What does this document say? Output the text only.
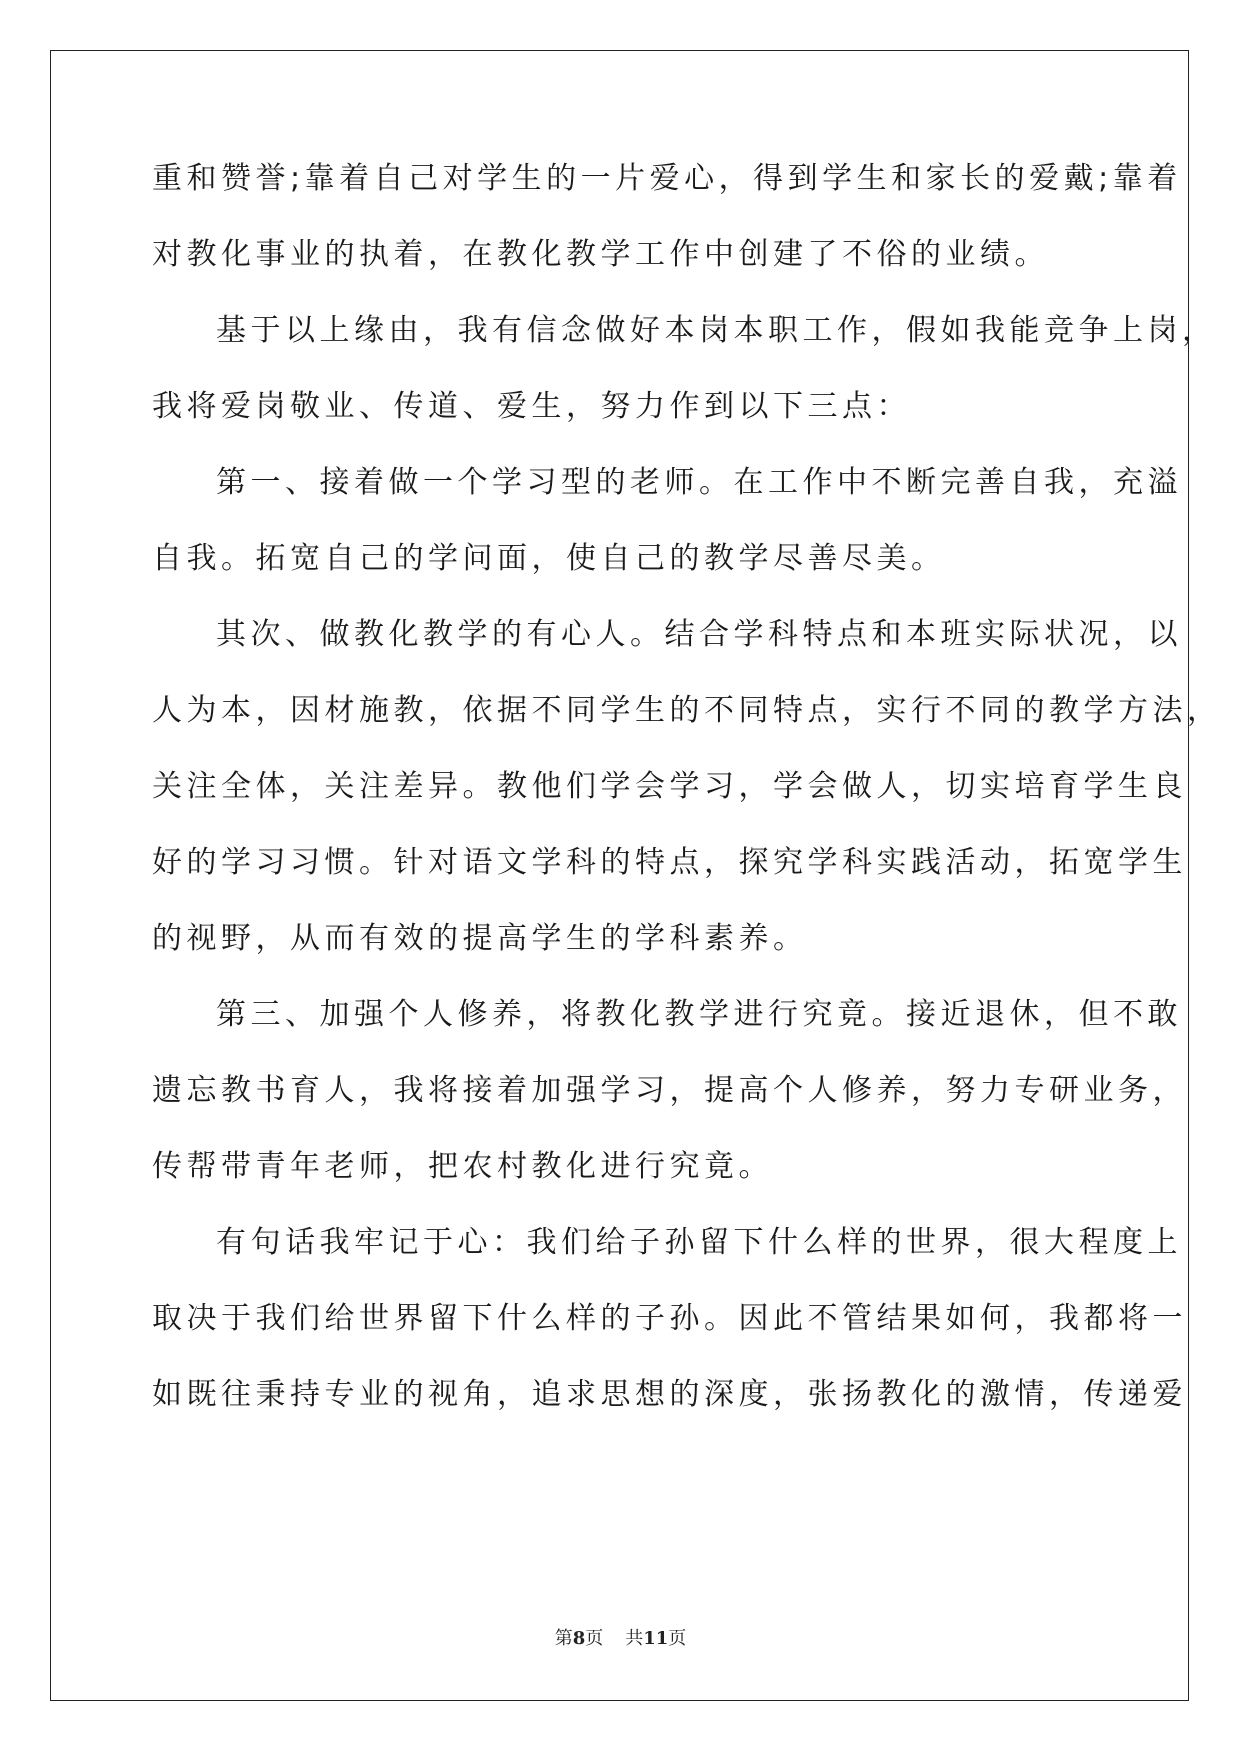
重和赞誉;靠着自己对学生的一片爱心，得到学生和家长的爱戴;靠着

对教化事业的执着，在教化教学工作中创建了不俗的业绩。

基于以上缘由，我有信念做好本岗本职工作，假如我能竞争上岗，

我将爱岗敬业、传道、爱生，努力作到以下三点：

第一、接着做一个学习型的老师。在工作中不断完善自我，充溢

自我。拓宽自己的学问面，使自己的教学尽善尽美。

其次、做教化教学的有心人。结合学科特点和本班实际状况，以

人为本，因材施教，依据不同学生的不同特点，实行不同的教学方法，

关注全体，关注差异。教他们学会学习，学会做人，切实培育学生良

好的学习习惯。针对语文学科的特点，探究学科实践活动，拓宽学生

的视野，从而有效的提高学生的学科素养。

第三、加强个人修养，将教化教学进行究竟。接近退休，但不敢

遗忘教书育人，我将接着加强学习，提高个人修养，努力专研业务，

传帮带青年老师，把农村教化进行究竟。

有句话我牢记于心：我们给子孙留下什么样的世界，很大程度上

取决于我们给世界留下什么样的子孙。因此不管结果如何，我都将一

如既往秉持专业的视角，追求思想的深度，张扬教化的激情，传递爱

第8页 共11页
